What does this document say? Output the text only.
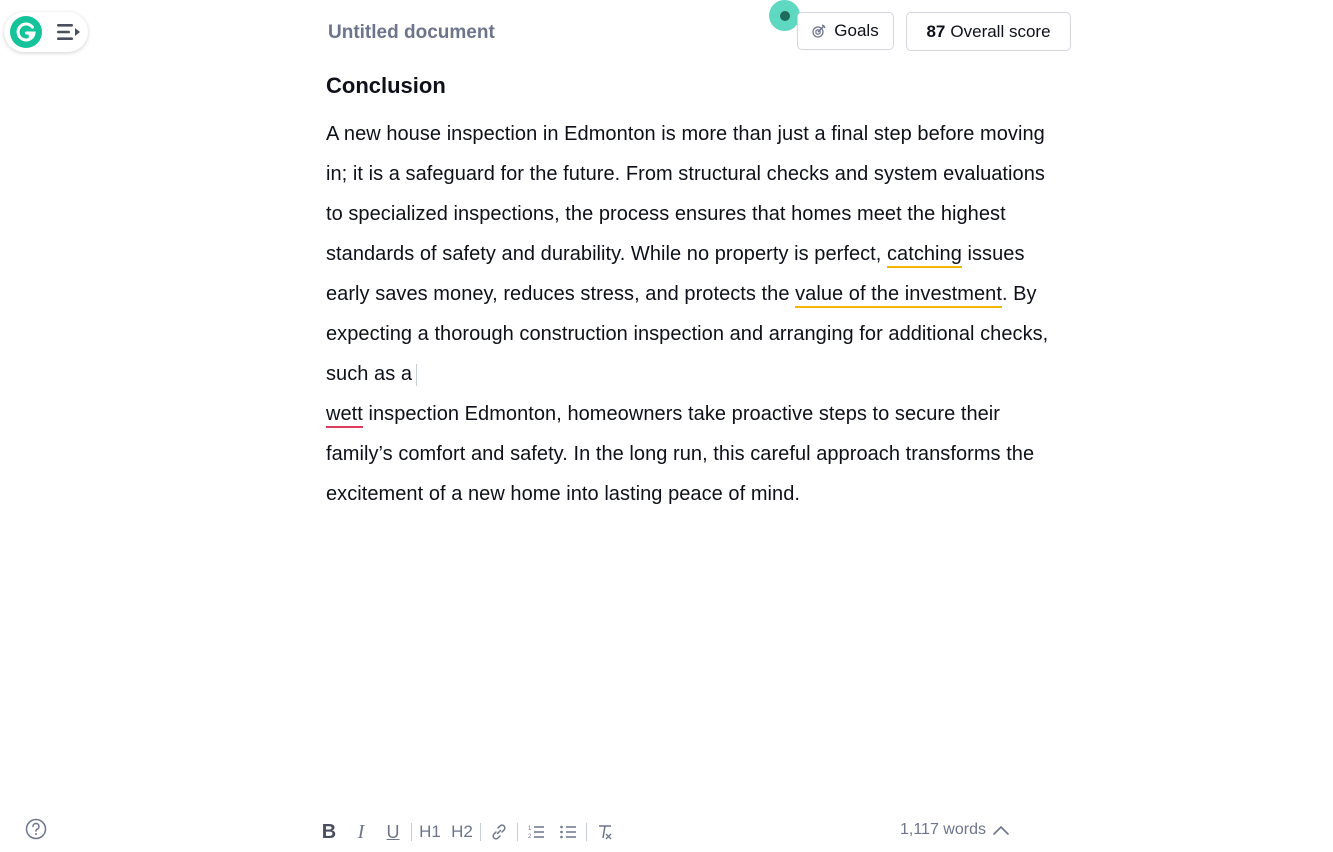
Untitled document	Goals	87 Overall score
Conclusion
A new house inspection in Edmonton is more than just a final step before moving in; it is a safeguard for the future. From structural checks and system evaluations to specialized inspections, the process ensures that homes meet the highest standards of safety and durability. While no property is perfect, catching issues early saves money, reduces stress, and protects the value of the investment. By expecting a thorough construction inspection and arranging for additional checks, such as a
wett inspection Edmonton, homeowners take proactive steps to secure their family’s comfort and safety. In the long run, this careful approach transforms the excitement of a new home into lasting peace of mind.
B	I	U	H1 H2	1
2	1,117 words
